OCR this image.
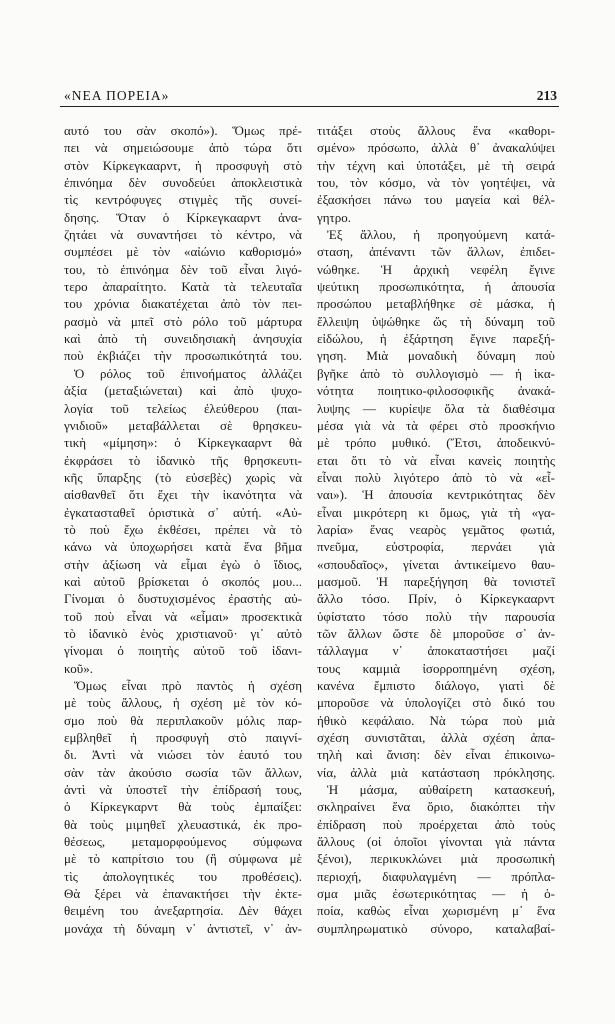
«ΝΕΑ ΠΟΡΕΙΑ»	213
αυτό του σὰν σκοπό»). Ὅμως πρέ-
πει νὰ σημειώσουμε ἀπὸ τώρα ὅτι
στὸν Κίρκεγκααρντ, ἡ προσφυγὴ στὸ
ἐπινόημα δὲν συνοδεύει ἀποκλειστικὰ
τὶς κεντρόφυγες στιγμὲς τῆς συνεί-
δησης. Ὅταν ὁ Κίρκεγκααρντ ἀνα-
ζητάει νὰ συναντήσει τὸ κέντρο, νὰ
συμπέσει μὲ τὸν «αἰώνιο καθορισμό»
του, τὸ ἐπινόημα δὲν τοῦ εἶναι λιγό-
τερο ἀπαραίτητο. Κατὰ τὰ τελευταῖα
του χρόνια διακατέχεται ἀπὸ τὸν πει-
ρασμὸ νὰ μπεῖ στὸ ρόλο τοῦ μάρτυρα
καὶ ἀπὸ τὴ συνειδησιακὴ ἀνησυχία
ποὺ ἐκβιάζει τὴν προσωπικότητά του.
Ὁ ρόλος τοῦ ἐπινοήματος ἀλλάζει
ἀξία (μεταξιώνεται) καὶ ἀπὸ ψυχο-
λογία τοῦ τελείως ἐλεύθερου (παι-
γνιδιοῦ» μεταβάλλεται σὲ θρησκευ-
τικὴ «μίμηση»: ὁ Κίρκεγκααρντ θὰ
ἐκφράσει τὸ ἰδανικὸ τῆς θρησκευτι-
κῆς ὕπαρξης (τὸ εὐσεβὲς) χωρὶς νὰ
αἰσθανθεῖ ὅτι ἔχει τὴν ἱκανότητα νὰ
ἐγκατασταθεῖ ὁριστικὰ σ᾽ αὐτή. «Αὐ-
τὸ ποὺ ἔχω ἐκθέσει, πρέπει νὰ τὸ
κάνω νὰ ὑποχωρήσει κατὰ ἕνα βῆμα
στὴν ἀξίωση νὰ εἶμαι ἐγὼ ὁ ἴδιος,
καὶ αὐτοῦ βρίσκεται ὁ σκοπός μου...
Γίνομαι ὁ δυστυχισμένος ἐραστὴς αὐ-
τοῦ ποὺ εἶναι νὰ «εἶμαι» προσεκτικὰ
τὸ ἰδανικὸ ἑνὸς χριστιανοῦ· γι᾽ αὐτὸ
γίνομαι ὁ ποιητὴς αὐτοῦ τοῦ ἰδανι-
κοῦ».
Ὅμως εἶναι πρὸ παντὸς ἡ σχέση
μὲ τοὺς ἄλλους, ἡ σχέση μὲ τὸν κό-
σμο ποὺ θὰ περιπλακοῦν μόλις παρ-
εμβληθεῖ ἡ προσφυγὴ στὸ παιγνί-
δι. Ἀντὶ νὰ νιώσει τὸν ἑαυτό του
σὰν τὰν ἀκούσιο σωσία τῶν ἄλλων,
ἀντὶ νὰ ὑποστεῖ τὴν ἐπίδρασή τους,
ὁ Κίρκεγκαρντ θὰ τοὺς ἐμπαίξει:
θὰ τοὺς μιμηθεῖ χλευαστικά, ἐκ προ-
θέσεως, μεταμορφούμενος σύμφωνα
μὲ τὸ καπρίτσιο του (ἢ σύμφωνα μὲ
τὶς ἀπολογητικές του προθέσεις).
Θὰ ξέρει νὰ ἐπανακτήσει τὴν ἐκτε-
θειμένη του ἀνεξαρτησία. Δὲν θάχει
μονάχα τὴ δύναμη ν᾽ ἀντιστεῖ, ν᾽ ἀν-
τιτάξει στοὺς ἄλλους ἕνα «καθορι-
σμένο» πρόσωπο, ἀλλὰ θ᾽ ἀνακαλύψει
τὴν τέχνη καὶ ὑποτάξει, μὲ τὴ σειρά
του, τὸν κόσμο, νὰ τὸν γοητέψει, νὰ
ἐξασκήσει πάνω του μαγεία καὶ θέλ-
γητρο.
Ἐξ ἄλλου, ἡ προηγούμενη κατά-
σταση, ἀπέναντι τῶν ἄλλων, ἐπιδει-
νώθηκε. Ἡ ἀρχικὴ νεφέλη ἔγινε
ψεύτικη προσωπικότητα, ἡ ἀπουσία
προσώπου μεταβλήθηκε σὲ μάσκα, ἡ
ἔλλειψη ὑψώθηκε ὥς τὴ δύναμη τοῦ
εἰδώλου, ἡ ἐξάρτηση ἔγινε παρεξή-
γηση. Μιὰ μοναδικὴ δύναμη ποὺ
βγῆκε ἀπὸ τὸ συλλογισμὸ — ἡ ἱκα-
νότητα ποιητικο-φιλοσοφικῆς ἀνακά-
λυψης — κυρίεψε ὅλα τὰ διαθέσιμα
μέσα γιὰ νὰ τὰ φέρει στὸ προσκήνιο
μὲ τρόπο μυθικό. (Ἔτσι, ἀποδεικνύ-
εται ὅτι τὸ νὰ εἶναι κανεὶς ποιητὴς
εἶναι πολὺ λιγότερο ἀπὸ τὸ νὰ «εἶ-
ναι»). Ἡ ἀπουσία κεντρικότητας δὲν
εἶναι μικρότερη κι ὅμως, γιὰ τὴ «γα-
λαρία» ἕνας νεαρὸς γεμᾶτος φωτιά,
πνεῦμα, εὐστροφία, περνάει γιὰ
«σπουδαῖος», γίνεται ἀντικείμενο θαυ-
μασμοῦ. Ἡ παρεξήγηση θὰ τονιστεῖ
ἄλλο τόσο. Πρίν, ὁ Κίρκεγκααρντ
ὑφίστατο τόσο πολὺ τὴν παρουσία
τῶν ἄλλων ὥστε δὲ μποροῦσε σ᾽ ἀν-
τάλλαγμα ν᾽ ἀποκαταστήσει μαζί
τους καμμιὰ ἰσορροπημένη σχέση,
κανένα ἔμπιστο διάλογο, γιατὶ δὲ
μποροῦσε νὰ ὑπολογίζει στὸ δικό του
ἠθικὸ κεφάλαιο. Νὰ τώρα ποὺ μιὰ
σχέση συνιστᾶται, ἀλλὰ σχέση ἀπα-
τηλὴ καὶ ἄνιση: δὲν εἶναι ἐπικοινω-
νία, ἀλλὰ μιὰ κατάσταση πρόκλησης.
Ἡ μάσμα, αὐθαίρετη κατασκευή,
σκληραίνει ἕνα ὅριο, διακόπτει τὴν
ἐπίδραση ποὺ προέρχεται ἀπὸ τοὺς
ἄλλους (οἱ ὁποῖοι γίνονται γιὰ πάντα
ξένοι), περικυκλώνει μιὰ προσωπικὴ
περιοχή, διαφυλαγμένη — πρόπλα-
σμα μιᾶς ἐσωτερικότητας — ἡ ὁ-
ποία, καθὼς εἶναι χωρισμένη μ᾽ ἕνα
συμπληρωματικὸ σύνορο, καταλαβαί-
